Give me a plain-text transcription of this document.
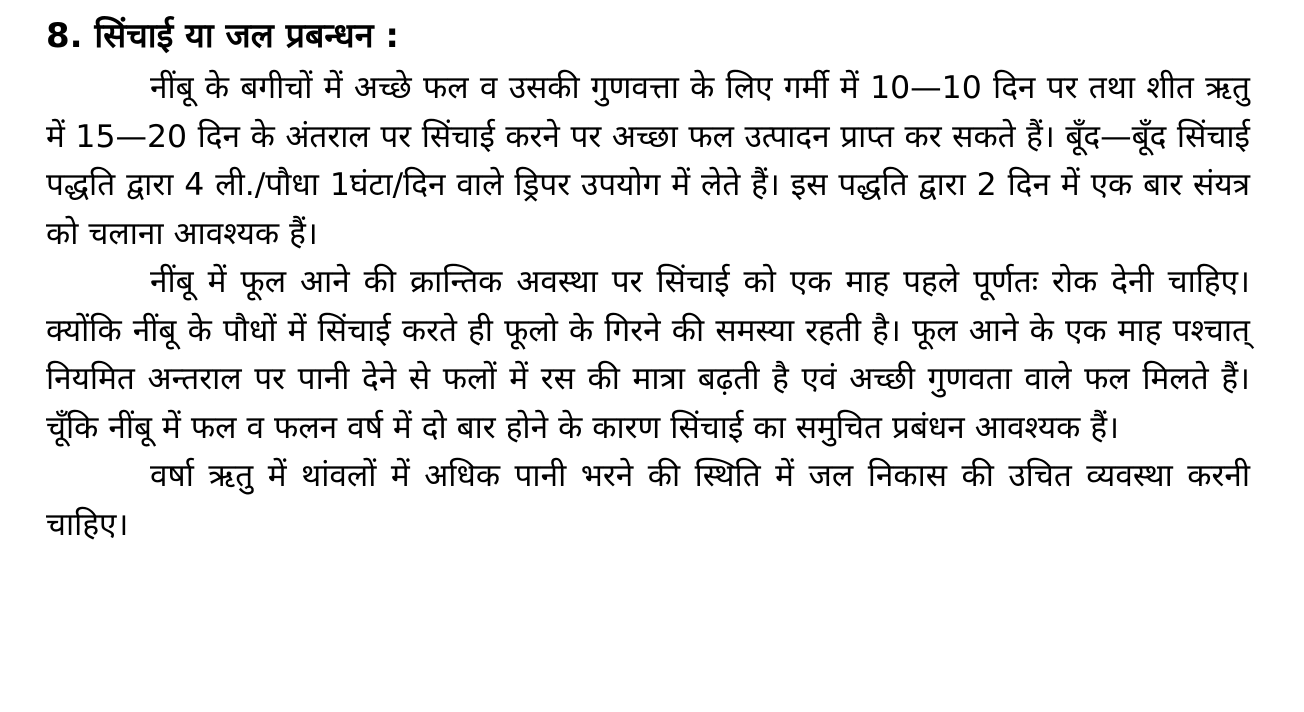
8. सिंचाई या जल प्रबन्धन :

नींबू के बगीचों में अच्छे फल व उसकी गुणवत्ता के लिए गर्मी में 10—10 दिन पर तथा शीत ऋतु में 15—20 दिन के अंतराल पर सिंचाई करने पर अच्छा फल उत्पादन प्राप्त कर सकते हैं। बूँद—बूँद सिंचाई पद्धति द्वारा 4 ली./पौधा 1घंटा/दिन वाले ड्रिपर उपयोग में लेते हैं। इस पद्धति द्वारा 2 दिन में एक बार संयत्र को चलाना आवश्यक हैं।

नींबू में फूल आने की क्रान्तिक अवस्था पर सिंचाई को एक माह पहले पूर्णतः रोक देनी चाहिए। क्योंकि नींबू के पौधों में सिंचाई करते ही फूलो के गिरने की समस्या रहती है। फूल आने के एक माह पश्चात् नियमित अन्तराल पर पानी देने से फलों में रस की मात्रा बढ़ती है एवं अच्छी गुणवता वाले फल मिलते हैं। चूँकि नींबू में फल व फलन वर्ष में दो बार होने के कारण सिंचाई का समुचित प्रबंधन आवश्यक हैं।

वर्षा ऋतु में थांवलों में अधिक पानी भरने की स्थिति में जल निकास की उचित व्यवस्था करनी चाहिए।
